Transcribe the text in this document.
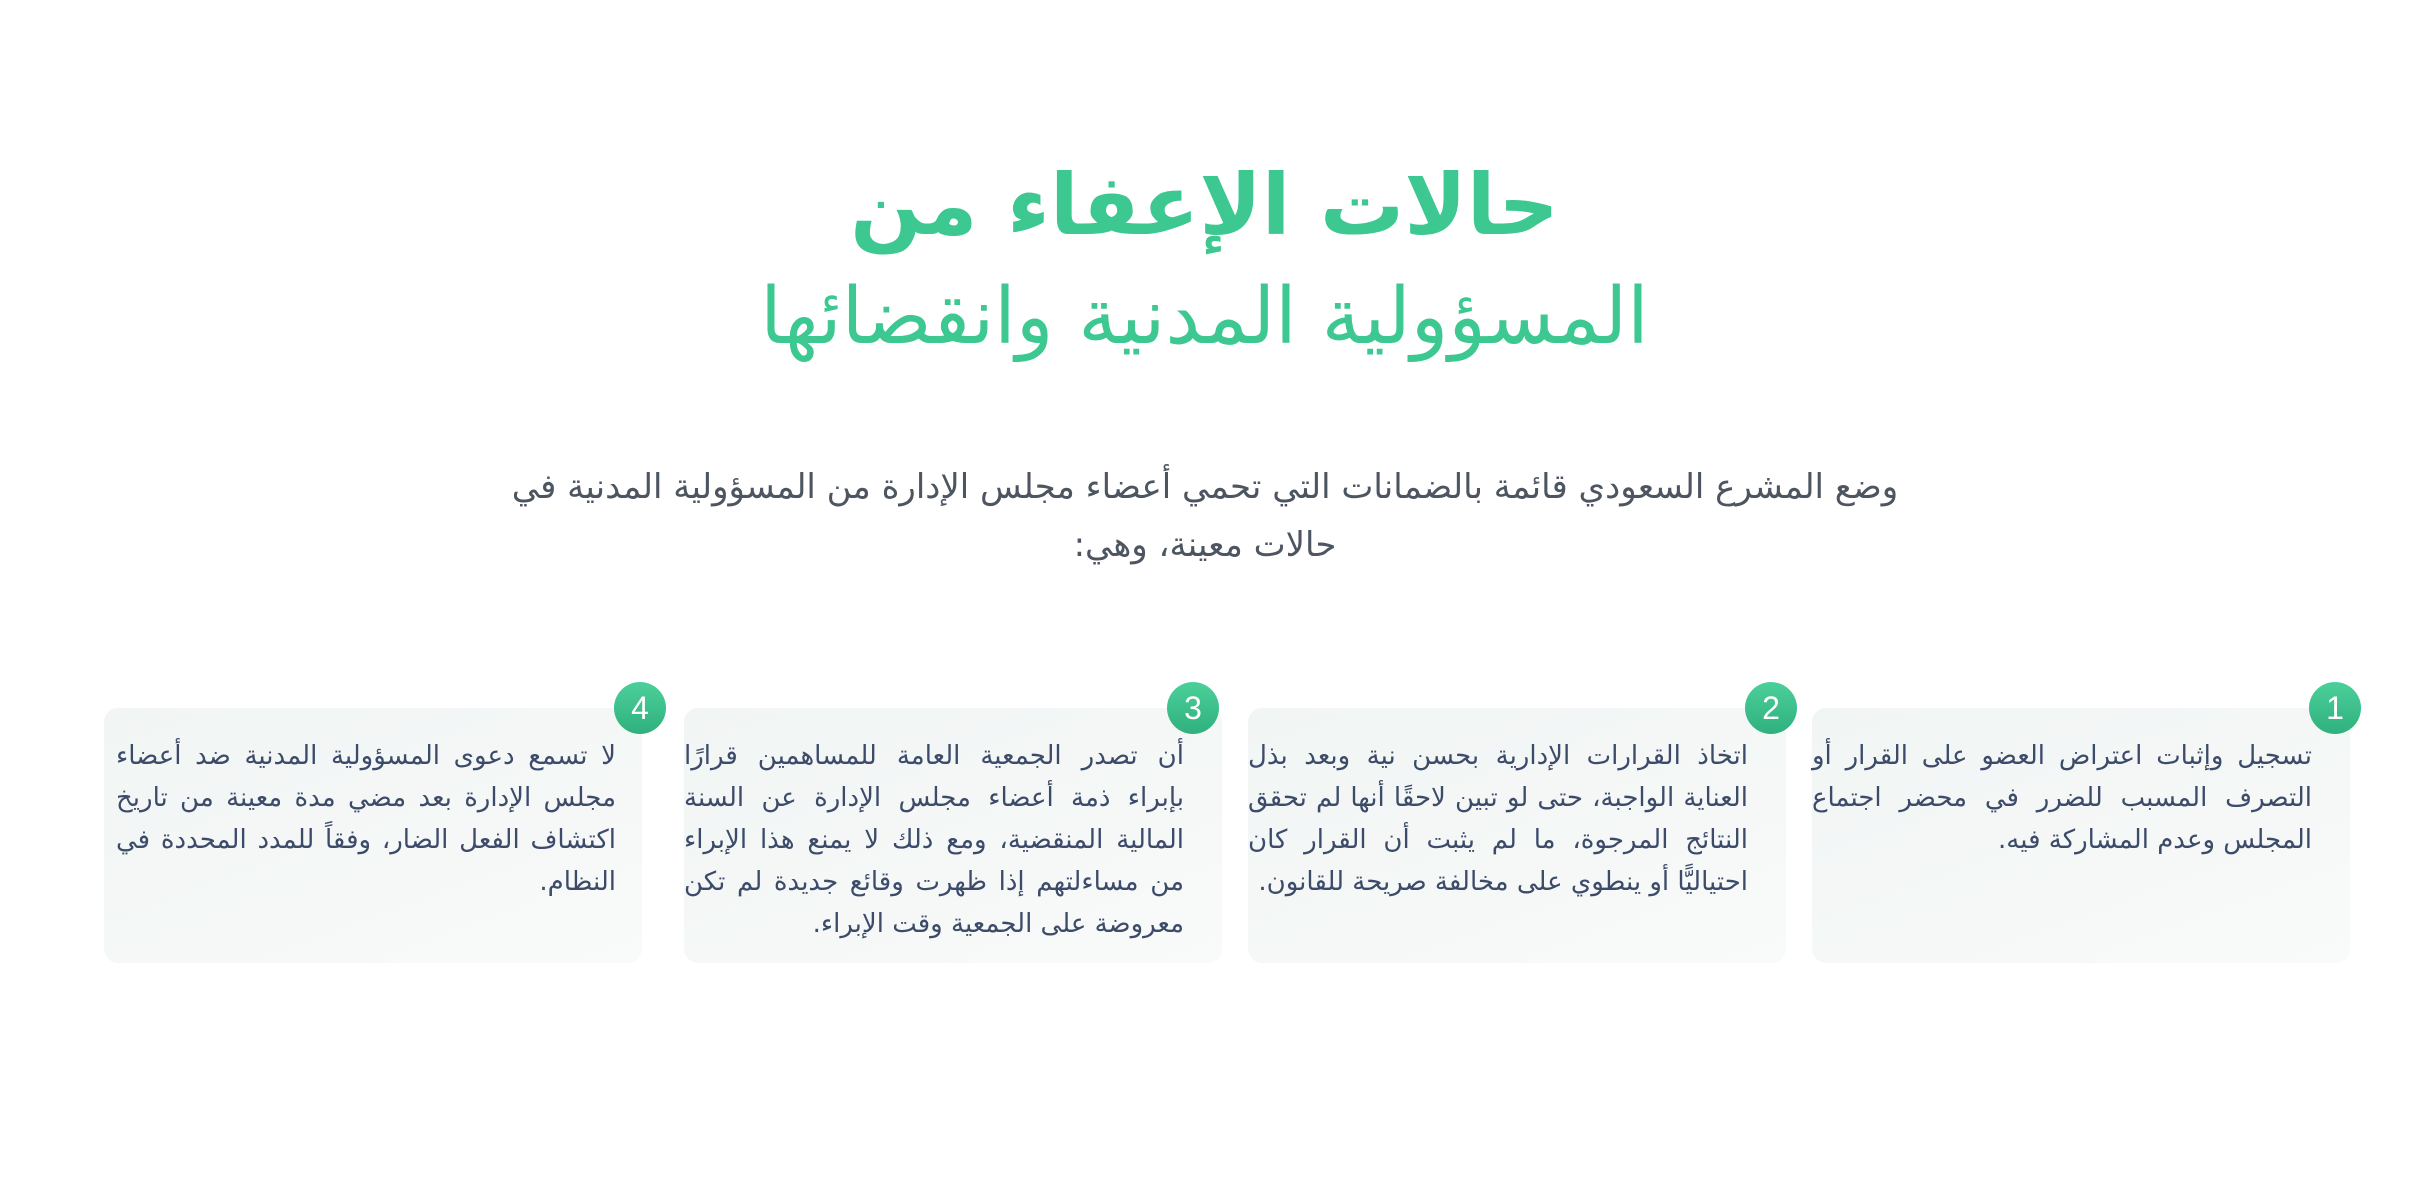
حالات الإعفاء من
المسؤولية المدنية وانقضائها

وضع المشرع السعودي قائمة بالضمانات التي تحمي أعضاء مجلس الإدارة من المسؤولية المدنية في حالات معينة، وهي:

1

تسجيل وإثبات اعتراض العضو على القرار أو التصرف المسبب للضرر في محضر اجتماع المجلس وعدم المشاركة فيه.

2

اتخاذ القرارات الإدارية بحسن نية وبعد بذل العناية الواجبة، حتى لو تبين لاحقًا أنها لم تحقق النتائج المرجوة، ما لم يثبت أن القرار كان احتياليًّا أو ينطوي على مخالفة صريحة للقانون.

3

أن تصدر الجمعية العامة للمساهمين قرارًا بإبراء ذمة أعضاء مجلس الإدارة عن السنة المالية المنقضية، ومع ذلك لا يمنع هذا الإبراء من مساءلتهم إذا ظهرت وقائع جديدة لم تكن معروضة على الجمعية وقت الإبراء.

4

لا تسمع دعوى المسؤولية المدنية ضد أعضاء مجلس الإدارة بعد مضي مدة معينة من تاريخ اكتشاف الفعل الضار، وفقاً للمدد المحددة في النظام.
